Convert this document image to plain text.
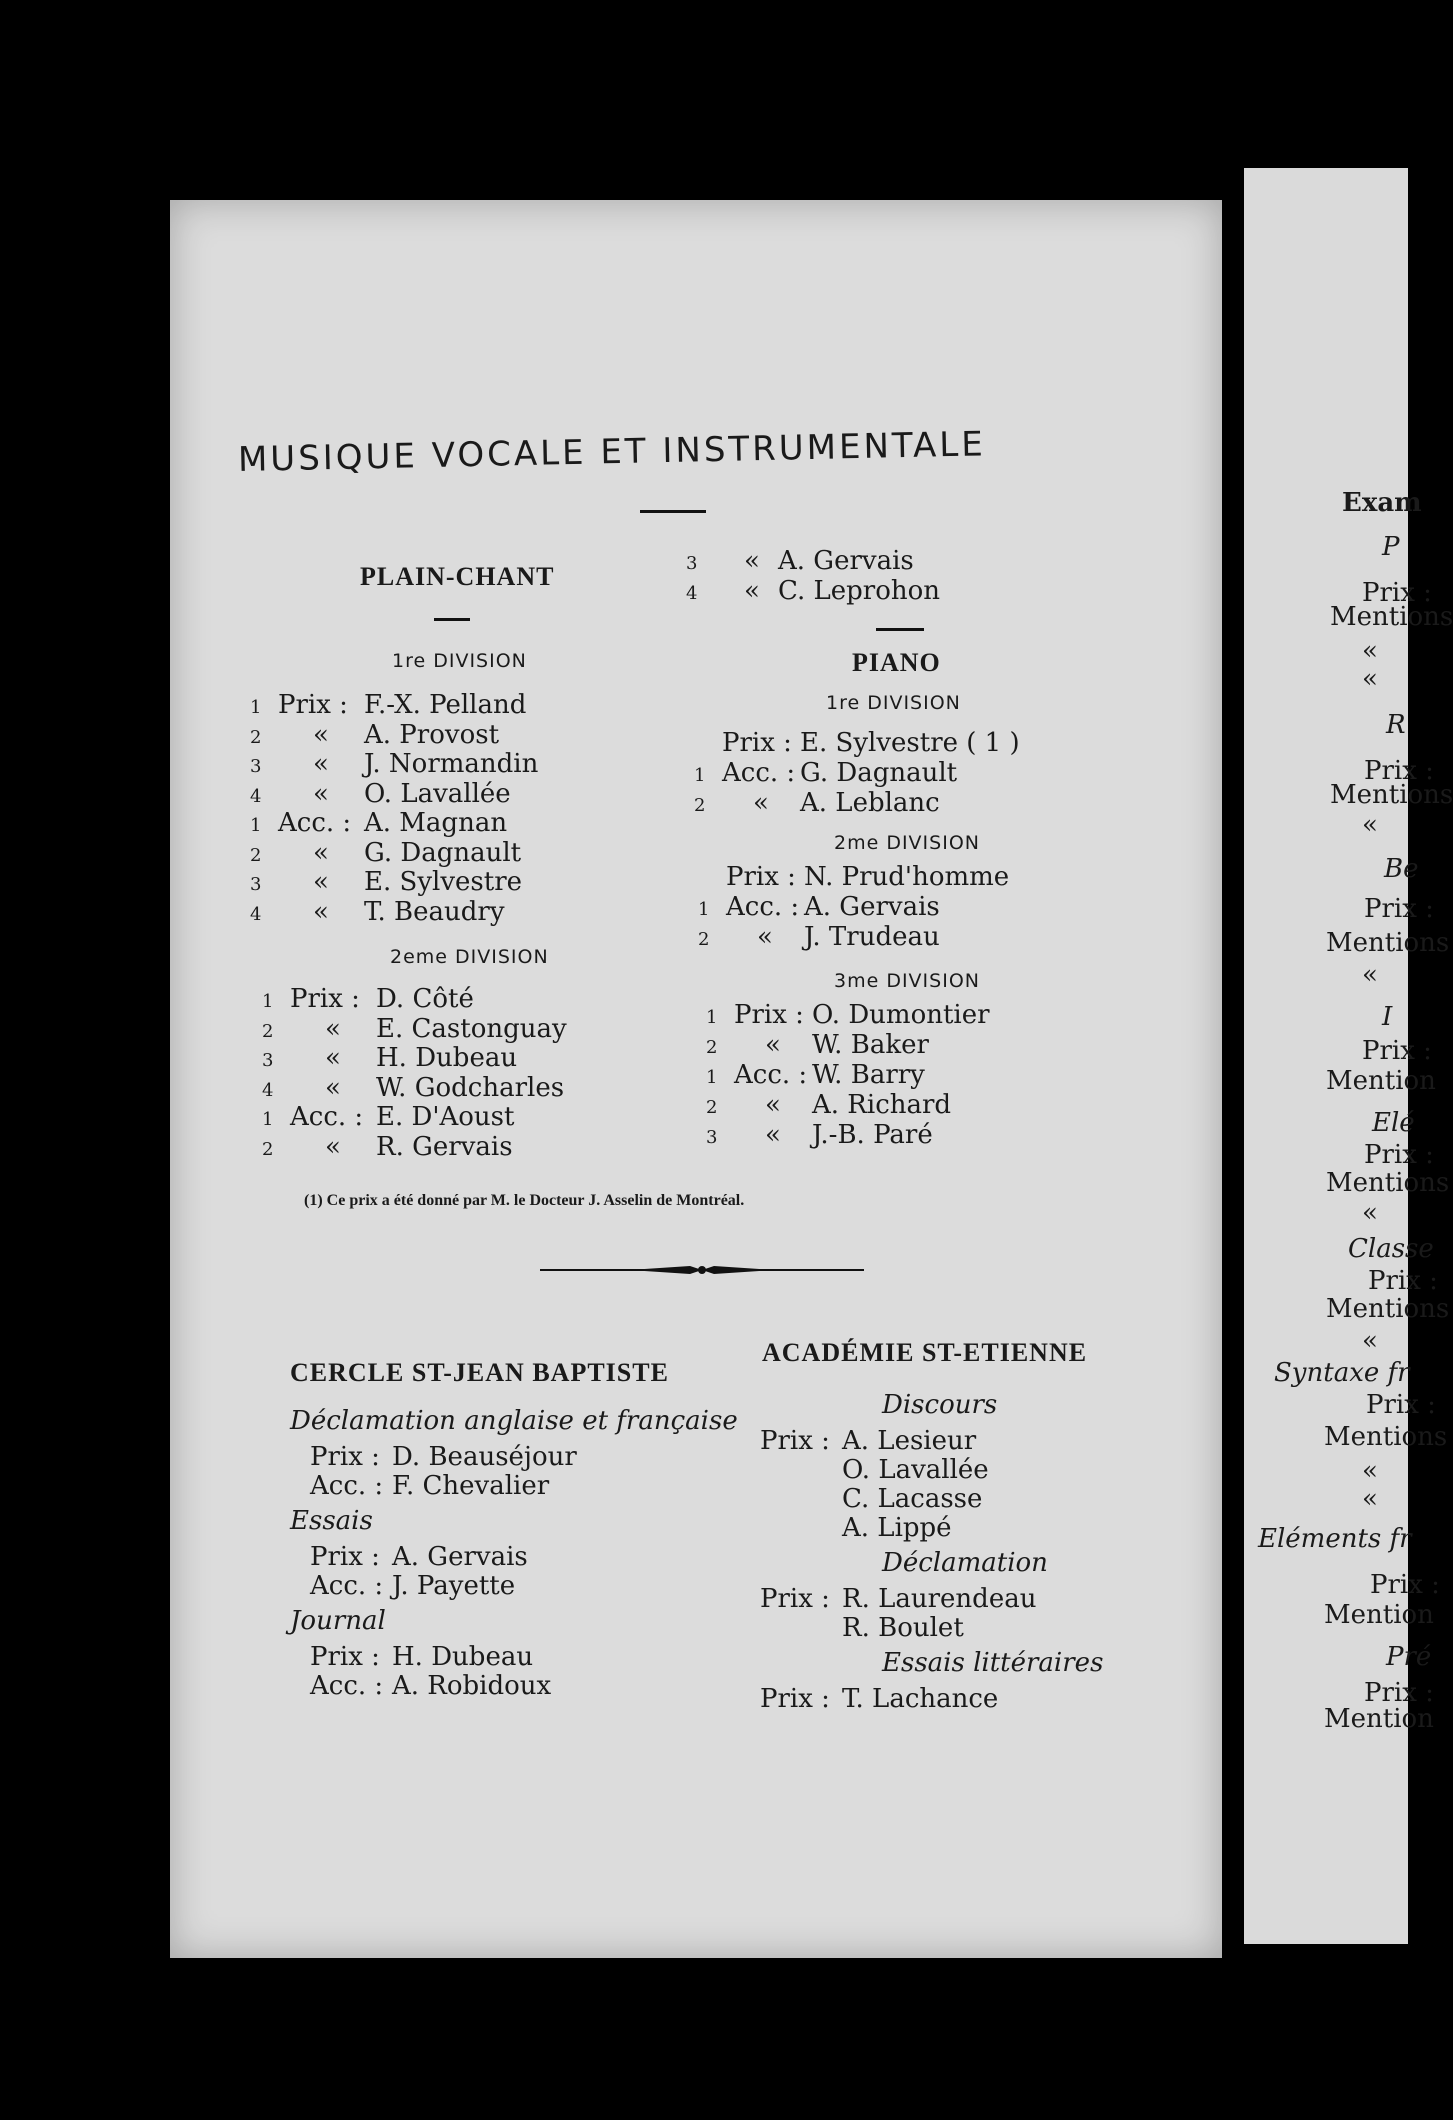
Exam
P
Prix :
Mentions
«
«
R
Prix :
Mentions
«
Be
Prix :
Mentions
«
I
Prix :
Mention
Elé
Prix :
Mentions
«
Classe
Prix :
Mentions
«
Syntaxe fr
Prix :
Mentions
«
«
Eléments fr
Prix :
Mention
Pré
Prix :
Mention
MUSIQUE VOCALE ET INSTRUMENTALE
PLAIN-CHANT
1re DIVISION
1 Prix : F.-X. Pelland
2 « A. Provost
3 « J. Normandin
4 « O. Lavallée
1 Acc. : A. Magnan
2 « G. Dagnault
3 « E. Sylvestre
4 « T. Beaudry
2eme DIVISION
1 Prix : D. Côté
2 « E. Castonguay
3 « H. Dubeau
4 « W. Godcharles
1 Acc. : E. D'Aoust
2 « R. Gervais
3 « A. Gervais
4 « C. Leprohon
PIANO
1re DIVISION
Prix : E. Sylvestre ( 1 )
1 Acc. : G. Dagnault
2 « A. Leblanc
2me DIVISION
Prix : N. Prud'homme
1 Acc. : A. Gervais
2 « J. Trudeau
3me DIVISION
1 Prix : O. Dumontier
2 « W. Baker
1 Acc. : W. Barry
2 « A. Richard
3 « J.-B. Paré
(1) Ce prix a été donné par M. le Docteur J. Asselin de Montréal.
CERCLE ST-JEAN BAPTISTE
Déclamation anglaise et française
Prix : D. Beauséjour
Acc. : F. Chevalier
Essais
Prix : A. Gervais
Acc. : J. Payette
Journal
Prix : H. Dubeau
Acc. : A. Robidoux
ACADÉMIE ST-ETIENNE
Discours
Prix : A. Lesieur
O. Lavallée
C. Lacasse
A. Lippé
Déclamation
Prix : R. Laurendeau
R. Boulet
Essais littéraires
Prix : T. Lachance
